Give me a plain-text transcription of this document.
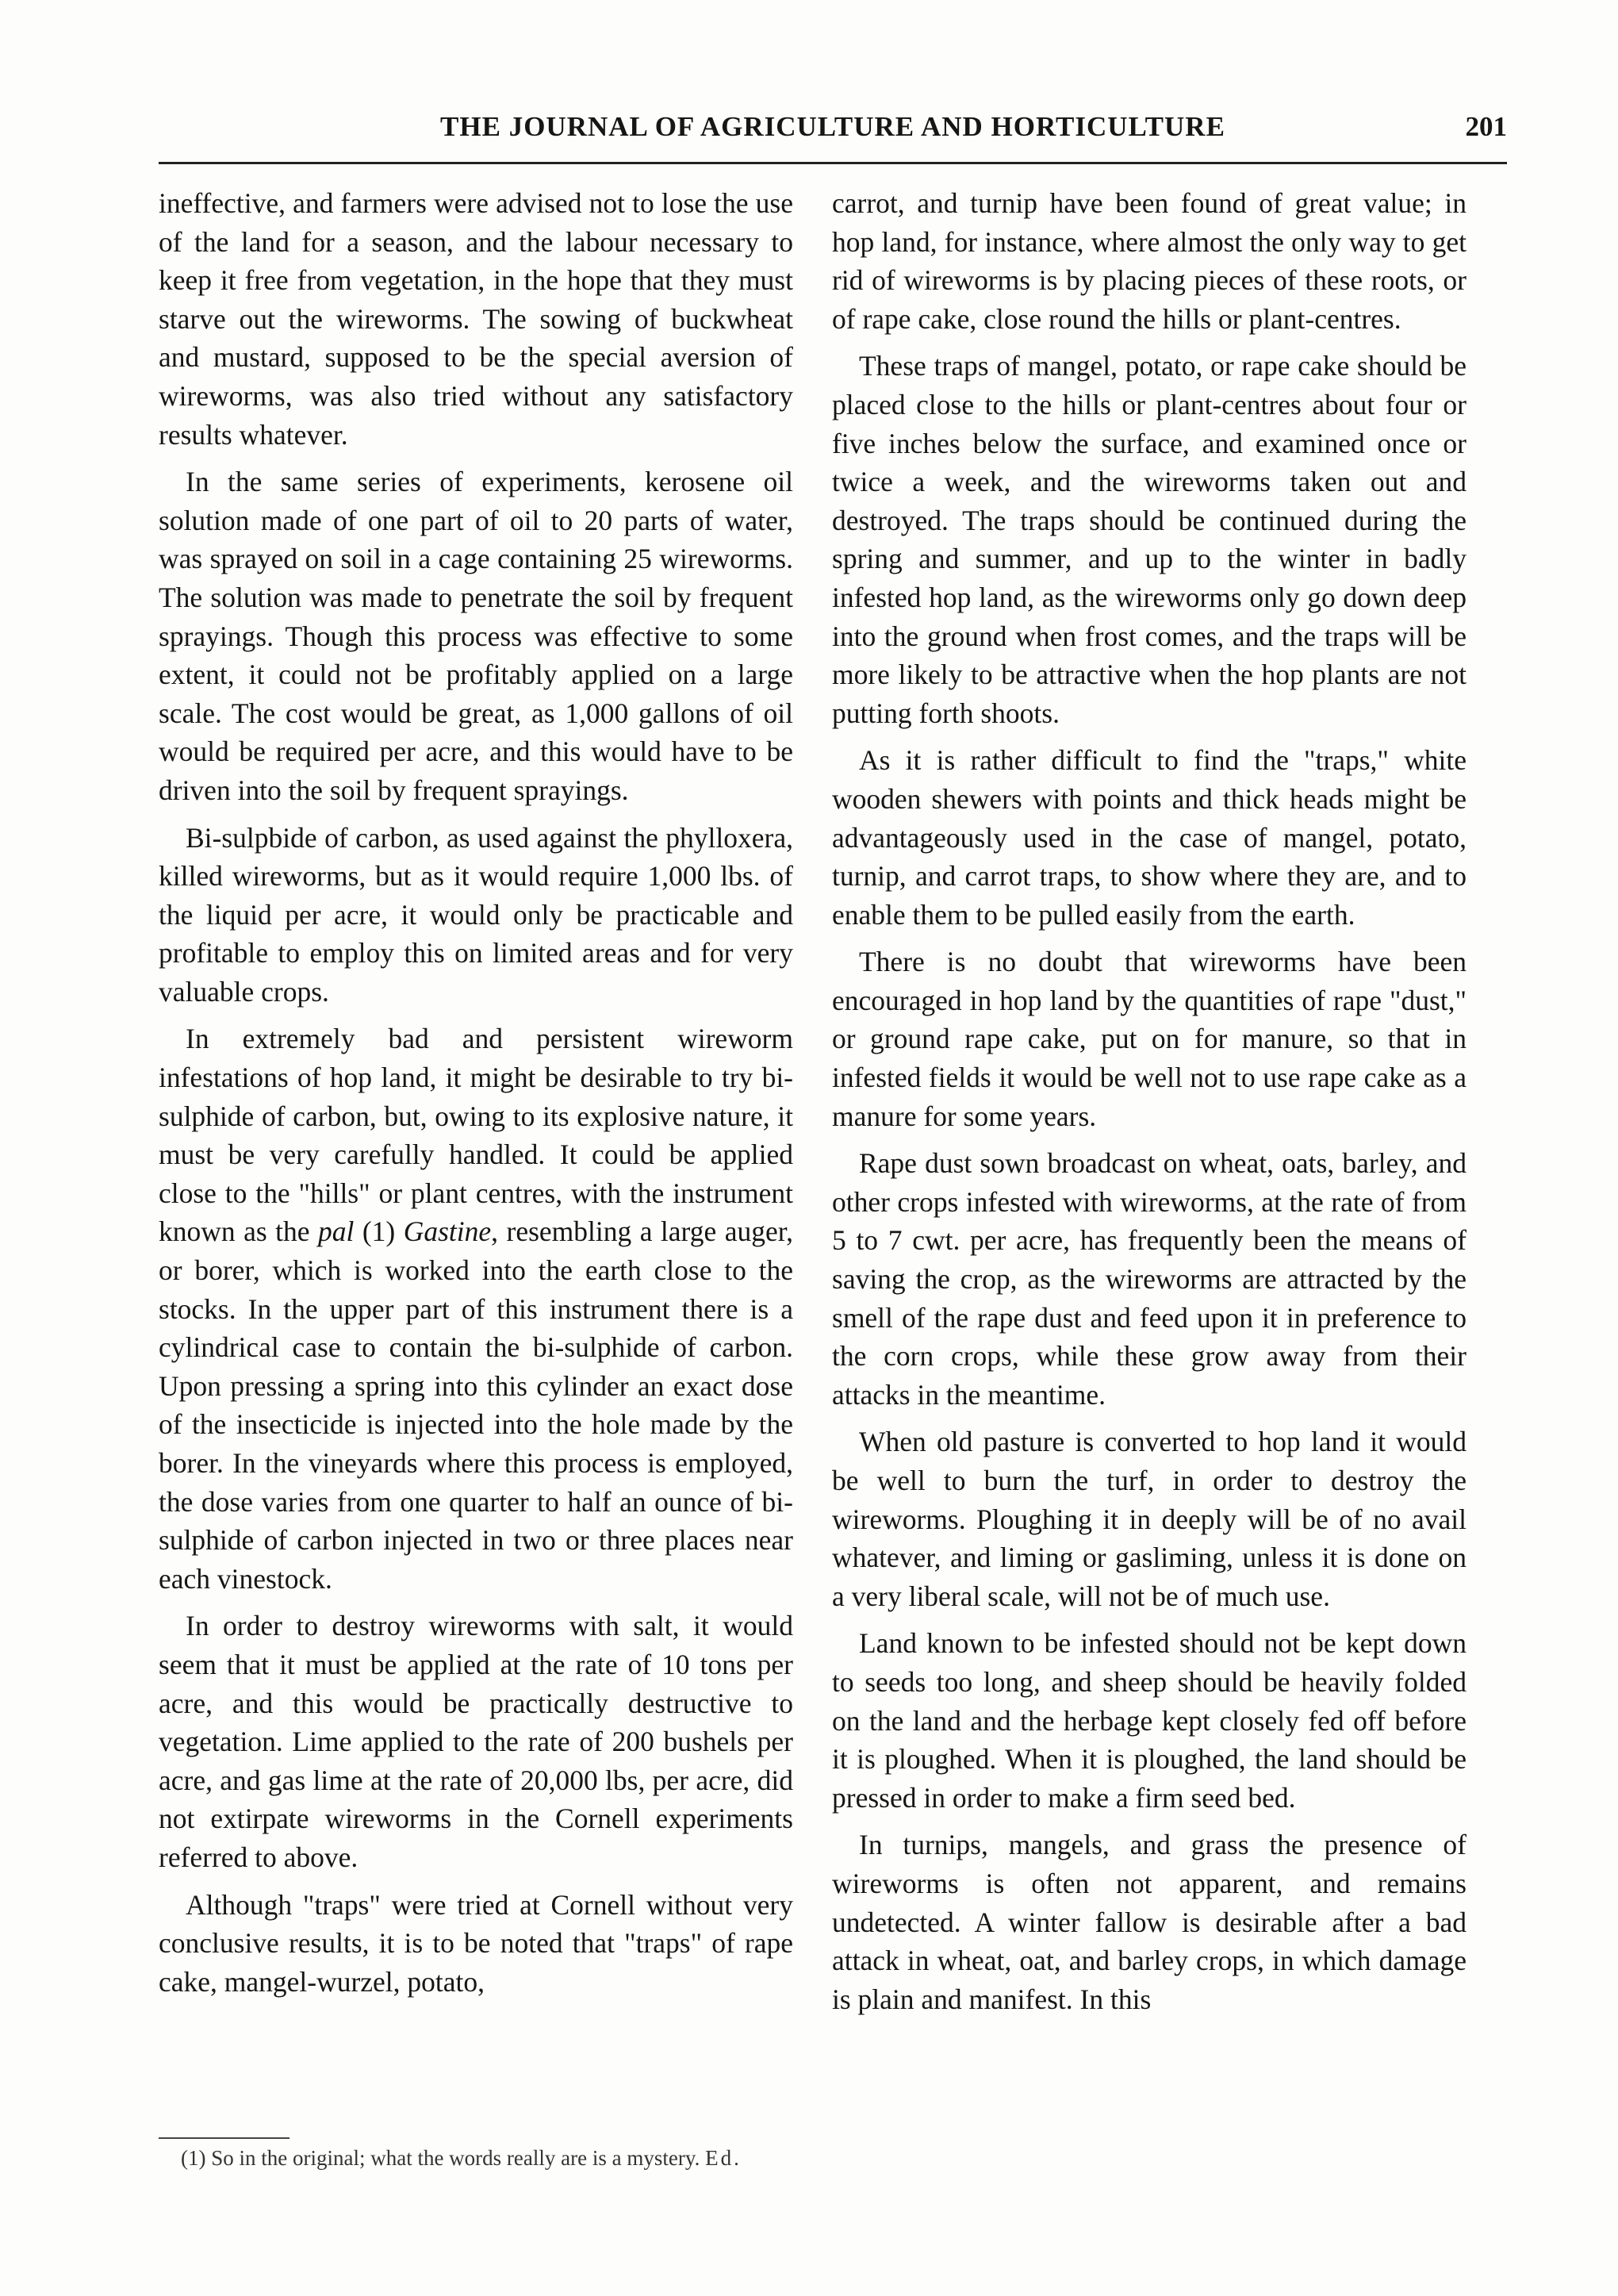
THE JOURNAL OF AGRICULTURE AND HORTICULTURE	201

ineffective, and farmers were advised not to lose the use of the land for a season, and the labour necessary to keep it free from vegetation, in the hope that they must starve out the wireworms. The sowing of buckwheat and mustard, supposed to be the special aversion of wireworms, was also tried without any satisfactory results whatever.

In the same series of experiments, kerosene oil solution made of one part of oil to 20 parts of water, was sprayed on soil in a cage containing 25 wireworms. The solution was made to penetrate the soil by frequent sprayings. Though this process was effective to some extent, it could not be profitably applied on a large scale. The cost would be great, as 1,000 gallons of oil would be required per acre, and this would have to be driven into the soil by frequent sprayings.

Bi-sulpbide of carbon, as used against the phylloxera, killed wireworms, but as it would require 1,000 lbs. of the liquid per acre, it would only be practicable and profitable to employ this on limited areas and for very valuable crops.

In extremely bad and persistent wireworm infestations of hop land, it might be desirable to try bi-sulphide of carbon, but, owing to its explosive nature, it must be very carefully handled. It could be applied close to the "hills" or plant centres, with the instrument known as the pal (1) Gastine, resembling a large auger, or borer, which is worked into the earth close to the stocks. In the upper part of this instrument there is a cylindrical case to contain the bi-sulphide of carbon. Upon pressing a spring into this cylinder an exact dose of the insecticide is injected into the hole made by the borer. In the vineyards where this process is employed, the dose varies from one quarter to half an ounce of bi-sulphide of carbon injected in two or three places near each vinestock.

In order to destroy wireworms with salt, it would seem that it must be applied at the rate of 10 tons per acre, and this would be practically destructive to vegetation. Lime applied to the rate of 200 bushels per acre, and gas lime at the rate of 20,000 lbs, per acre, did not extirpate wireworms in the Cornell experiments referred to above.

Although "traps" were tried at Cornell without very conclusive results, it is to be noted that "traps" of rape cake, mangel-wurzel, potato,

(1) So in the original; what the words really are is a mystery. Ed.

carrot, and turnip have been found of great value; in hop land, for instance, where almost the only way to get rid of wireworms is by placing pieces of these roots, or of rape cake, close round the hills or plant-centres.

These traps of mangel, potato, or rape cake should be placed close to the hills or plant-centres about four or five inches below the surface, and examined once or twice a week, and the wireworms taken out and destroyed. The traps should be continued during the spring and summer, and up to the winter in badly infested hop land, as the wireworms only go down deep into the ground when frost comes, and the traps will be more likely to be attractive when the hop plants are not putting forth shoots.

As it is rather difficult to find the "traps," white wooden shewers with points and thick heads might be advantageously used in the case of mangel, potato, turnip, and carrot traps, to show where they are, and to enable them to be pulled easily from the earth.

There is no doubt that wireworms have been encouraged in hop land by the quantities of rape "dust," or ground rape cake, put on for manure, so that in infested fields it would be well not to use rape cake as a manure for some years.

Rape dust sown broadcast on wheat, oats, barley, and other crops infested with wireworms, at the rate of from 5 to 7 cwt. per acre, has frequently been the means of saving the crop, as the wireworms are attracted by the smell of the rape dust and feed upon it in preference to the corn crops, while these grow away from their attacks in the meantime.

When old pasture is converted to hop land it would be well to burn the turf, in order to destroy the wireworms. Ploughing it in deeply will be of no avail whatever, and liming or gasliming, unless it is done on a very liberal scale, will not be of much use.

Land known to be infested should not be kept down to seeds too long, and sheep should be heavily folded on the land and the herbage kept closely fed off before it is ploughed. When it is ploughed, the land should be pressed in order to make a firm seed bed.

In turnips, mangels, and grass the presence of wireworms is often not apparent, and remains undetected. A winter fallow is desirable after a bad attack in wheat, oat, and barley crops, in which damage is plain and manifest. In this
